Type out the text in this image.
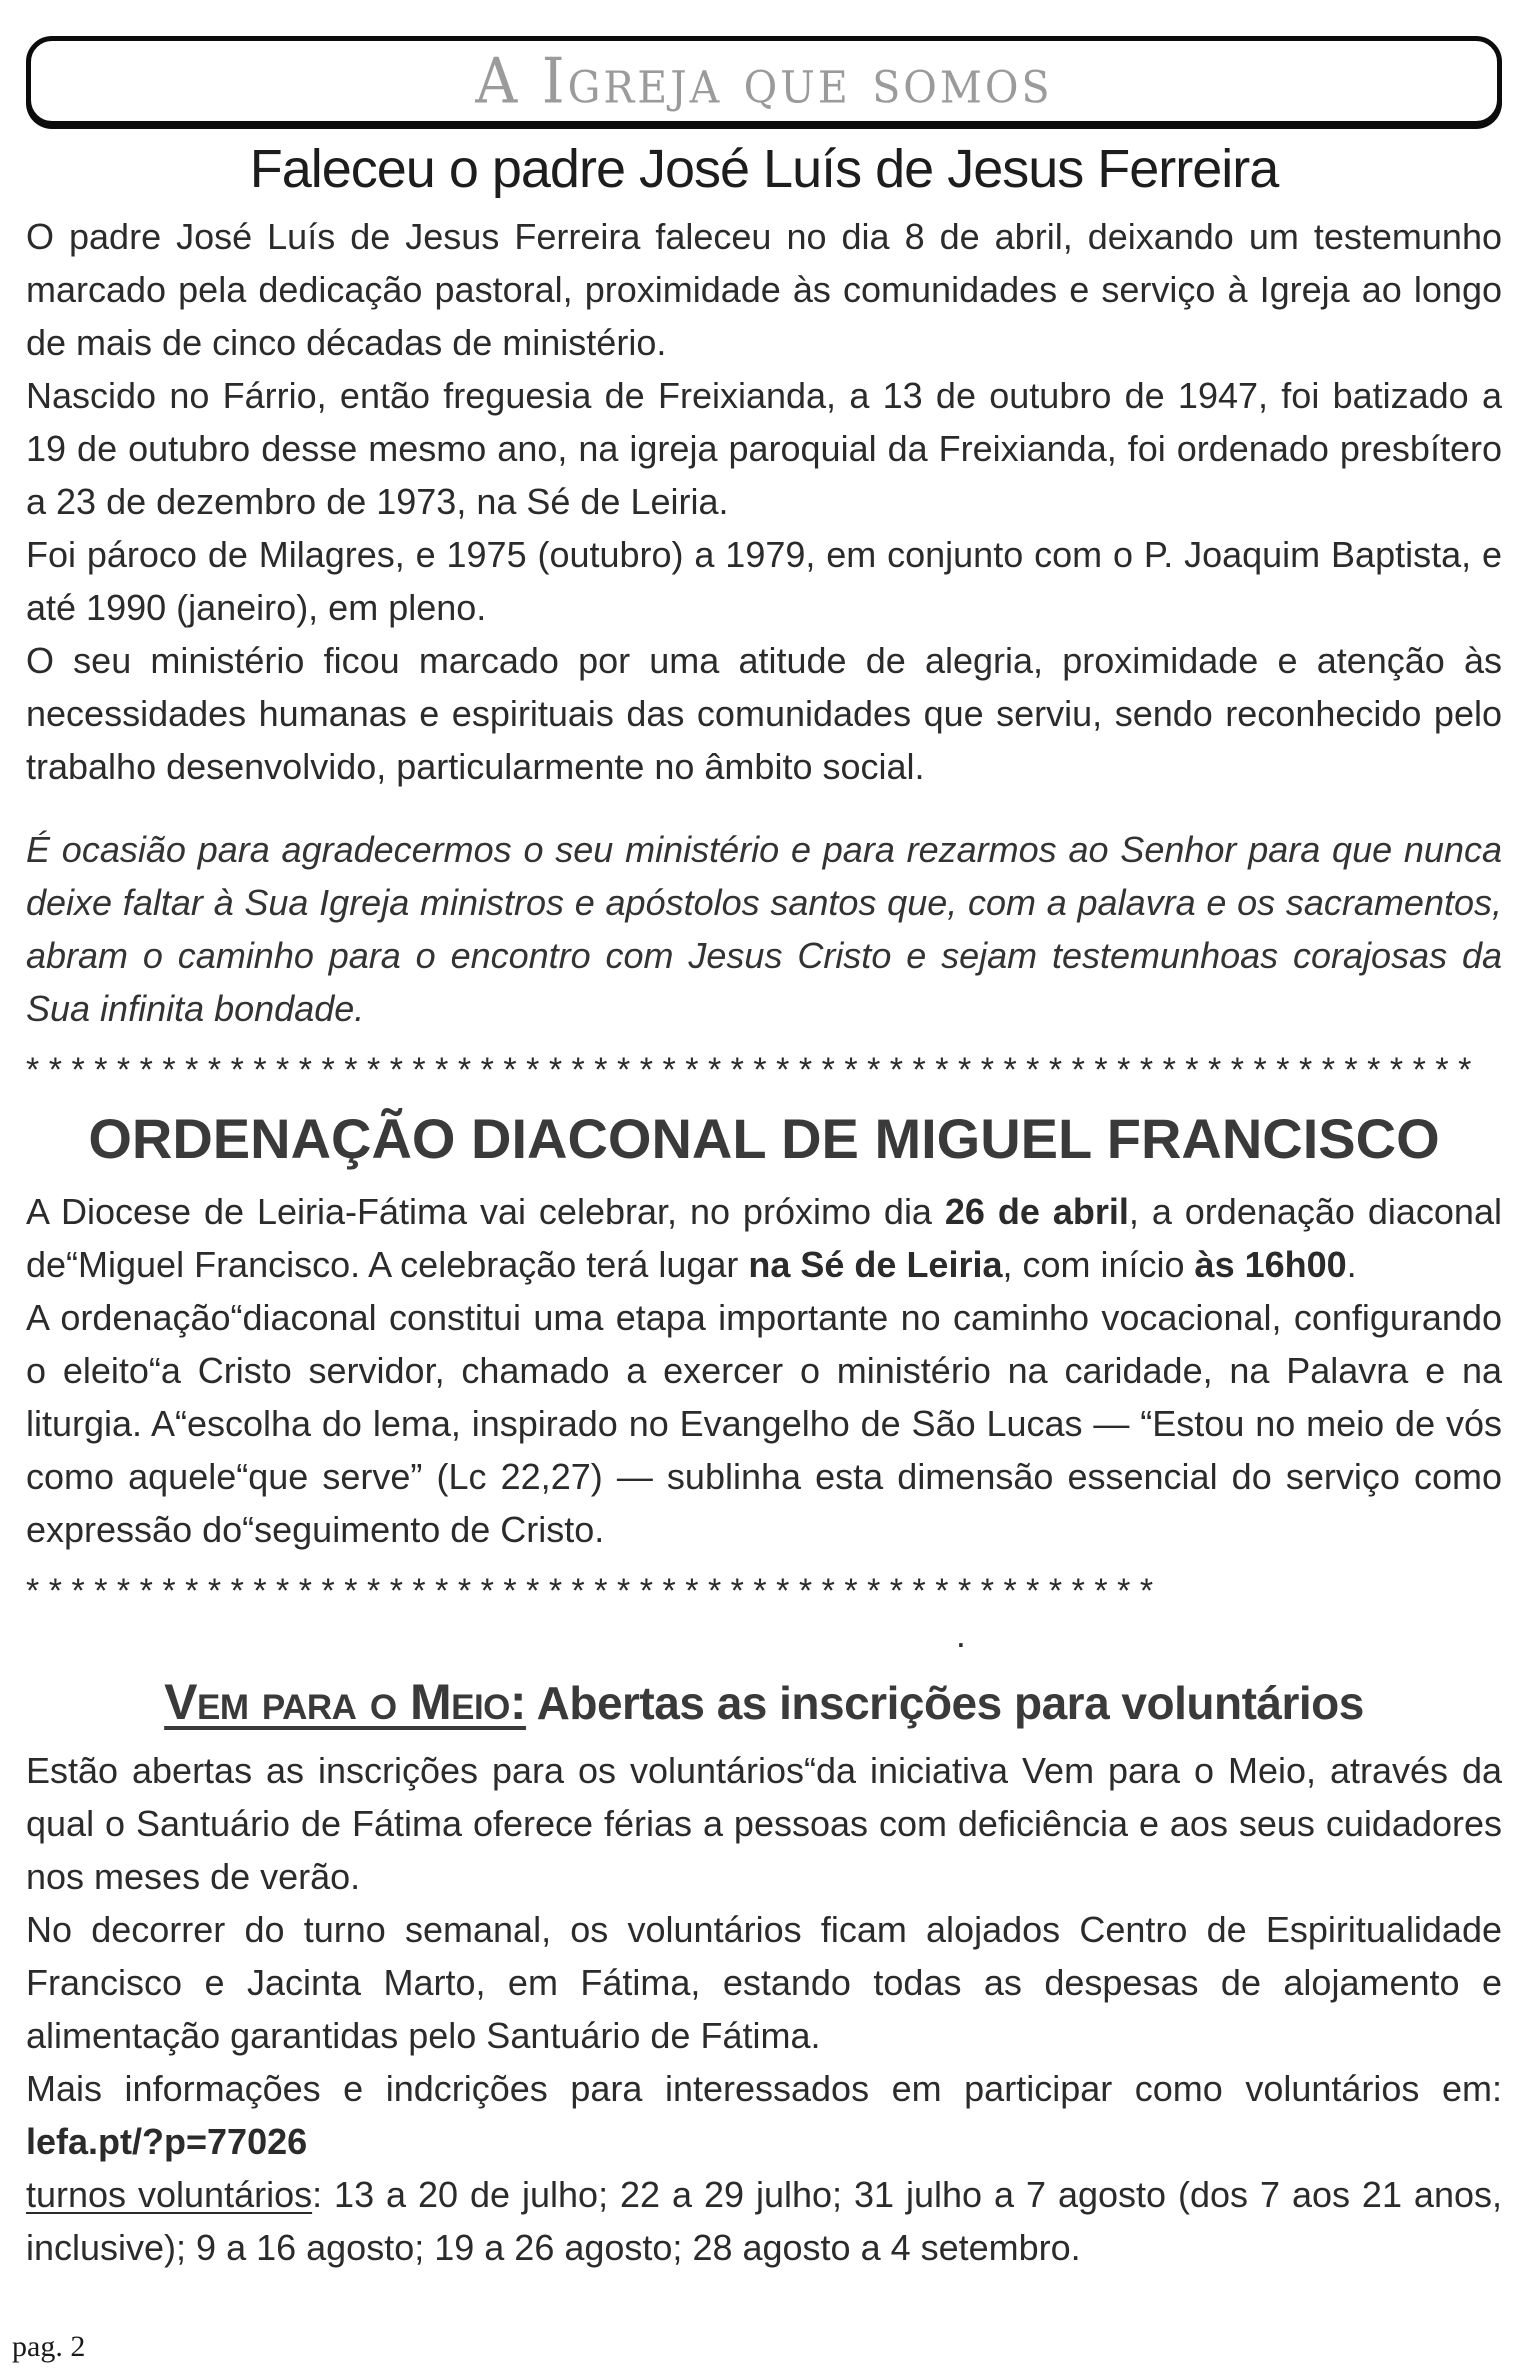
A Igreja que somos
Faleceu o padre José Luís de Jesus Ferreira

O padre José Luís de Jesus Ferreira faleceu no dia 8 de abril, deixando um testemunho marcado pela dedicação pastoral, proximidade às comunidades e serviço à Igreja ao longo de mais de cinco décadas de ministério.

Nascido no Fárrio, então freguesia de Freixianda, a 13 de outubro de 1947, foi batizado a 19 de outubro desse mesmo ano, na igreja paroquial da Freixianda, foi ordenado presbítero a 23 de dezembro de 1973, na Sé de Leiria.

Foi pároco de Milagres, e 1975 (outubro) a 1979, em conjunto com o P. Joaquim Baptista, e até 1990 (janeiro), em pleno.

O seu ministério ficou marcado por uma atitude de alegria, proximidade e atenção às necessidades humanas e espirituais das comunidades que serviu, sendo reconhecido pelo trabalho desenvolvido, particularmente no âmbito social.

É ocasião para agradecermos o seu ministério e para rezarmos ao Senhor para que nunca deixe faltar à Sua Igreja ministros e apóstolos santos que, com a palavra e os sacramentos, abram o caminho para o encontro com Jesus Cristo e sejam testemunhoas corajosas da Sua infinita bondade.

****************************************************************
ORDENAÇÃO DIACONAL DE MIGUEL FRANCISCO

A Diocese de Leiria-Fátima vai celebrar, no próximo dia 26 de abril, a ordenação diaconal de“Miguel Francisco. A celebração terá lugar na Sé de Leiria, com início às 16h00.

A ordenação“diaconal constitui uma etapa importante no caminho vocacional, configurando o eleito“a Cristo servidor, chamado a exercer o ministério na caridade, na Palavra e na liturgia. A“escolha do lema, inspirado no Evangelho de São Lucas — “Estou no meio de vós como aquele“que serve” (Lc 22,27) — sublinha esta dimensão essencial do serviço como expressão do“seguimento de Cristo.

**************************************************

.

Vem para o Meio: Abertas as inscrições para voluntários

Estão abertas as inscrições para os voluntários“da iniciativa Vem para o Meio, através da qual o Santuário de Fátima oferece férias a pessoas com deficiência e aos seus cuidadores nos meses de verão.

No decorrer do turno semanal, os voluntários ficam alojados Centro de Espiritualidade Francisco e Jacinta Marto, em Fátima, estando todas as despesas de alojamento e alimentação garantidas pelo Santuário de Fátima.

Mais informações e indcrições para interessados em participar como voluntários em: lefa.pt/?p=77026

turnos voluntários: 13 a 20 de julho; 22 a 29 julho; 31 julho a 7 agosto (dos 7 aos 21 anos, inclusive); 9 a 16 agosto; 19 a 26 agosto; 28 agosto a 4 setembro.

pag. 2
